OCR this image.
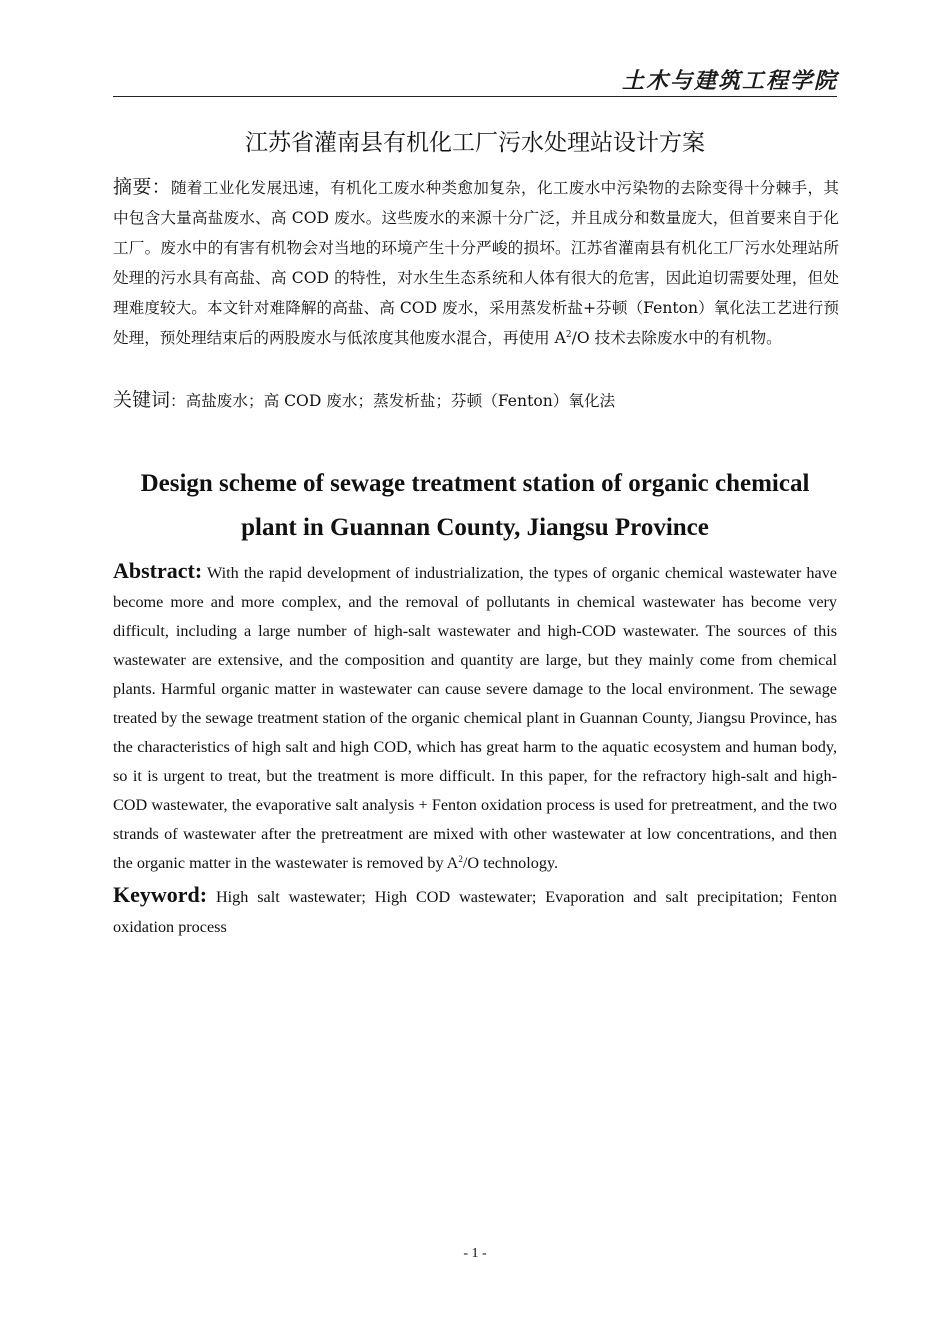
土木与建筑工程学院
江苏省灌南县有机化工厂污水处理站设计方案
摘要：随着工业化发展迅速，有机化工废水种类愈加复杂，化工废水中污染物的去除变得十分棘手，其中包含大量高盐废水、高 COD 废水。这些废水的来源十分广泛，并且成分和数量庞大，但首要来自于化工厂。废水中的有害有机物会对当地的环境产生十分严峻的损坏。江苏省灌南县有机化工厂污水处理站所处理的污水具有高盐、高 COD 的特性，对水生生态系统和人体有很大的危害，因此迫切需要处理，但处理难度较大。本文针对难降解的高盐、高 COD 废水，采用蒸发析盐+芬顿（Fenton）氧化法工艺进行预处理，预处理结束后的两股废水与低浓度其他废水混合，再使用 $A^2/O$ 技术去除废水中的有机物。
关键词：高盐废水；高 COD 废水；蒸发析盐；芬顿（Fenton）氧化法
Design scheme of sewage treatment station of organic chemical
plant in Guannan County, Jiangsu Province
Abstract: With the rapid development of industrialization, the types of organic chemical wastewater have become more and more complex, and the removal of pollutants in chemical wastewater has become very difficult, including a large number of high-salt wastewater and high-COD wastewater. The sources of this wastewater are extensive, and the composition and quantity are large, but they mainly come from chemical plants. Harmful organic matter in wastewater can cause severe damage to the local environment. The sewage treated by the sewage treatment station of the organic chemical plant in Guannan County, Jiangsu Province, has the characteristics of high salt and high COD, which has great harm to the aquatic ecosystem and human body, so it is urgent to treat, but the treatment is more difficult. In this paper, for the refractory high-salt and high-COD wastewater, the evaporative salt analysis + Fenton oxidation process is used for pretreatment, and the two strands of wastewater after the pretreatment are mixed with other wastewater at low concentrations, and then the organic matter in the wastewater is removed by $A^2/O$ technology.
Keyword: High salt wastewater; High COD wastewater; Evaporation and salt precipitation; Fenton oxidation process
- 1 -
